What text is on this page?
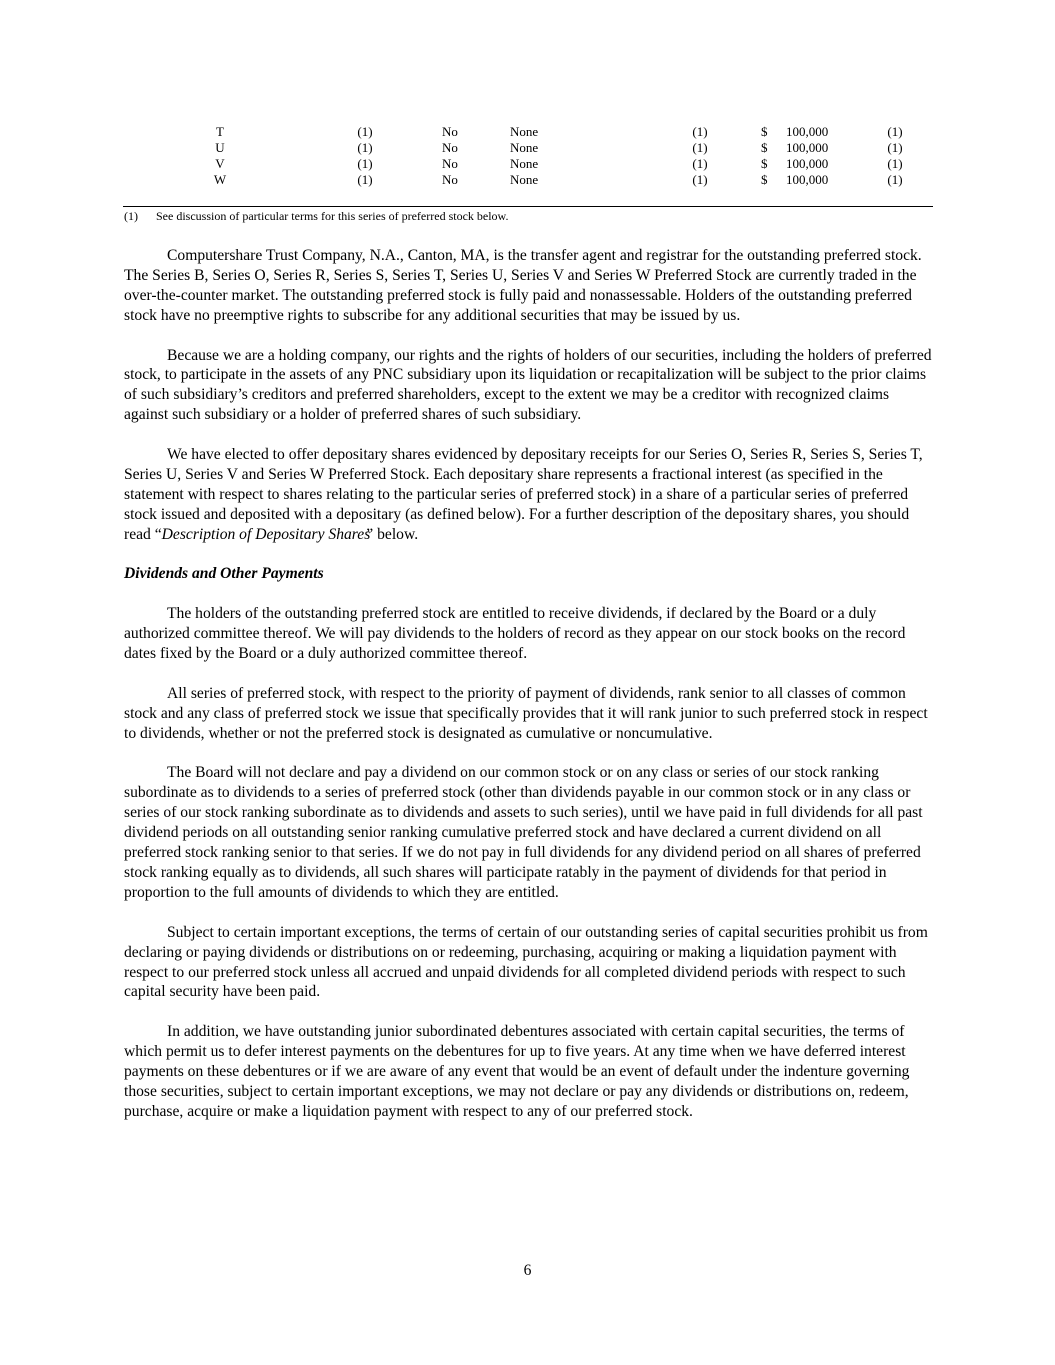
T	(1)	No	None	(1)	$ 100,000	(1)
U	(1)	No	None	(1)	$ 100,000	(1)
V	(1)	No	None	(1)	$ 100,000	(1)
W	(1)	No	None	(1)	$ 100,000	(1)
(1) See discussion of particular terms for this series of preferred stock below.

Computershare Trust Company, N.A., Canton, MA, is the transfer agent and registrar for the outstanding preferred stock. The Series B, Series O, Series R, Series S, Series T, Series U, Series V and Series W Preferred Stock are currently traded in the over-the-counter market. The outstanding preferred stock is fully paid and nonassessable. Holders of the outstanding preferred stock have no preemptive rights to subscribe for any additional securities that may be issued by us.

Because we are a holding company, our rights and the rights of holders of our securities, including the holders of preferred stock, to participate in the assets of any PNC subsidiary upon its liquidation or recapitalization will be subject to the prior claims of such subsidiary’s creditors and preferred shareholders, except to the extent we may be a creditor with recognized claims against such subsidiary or a holder of preferred shares of such subsidiary.

We have elected to offer depositary shares evidenced by depositary receipts for our Series O, Series R, Series S, Series T, Series U, Series V and Series W Preferred Stock. Each depositary share represents a fractional interest (as specified in the statement with respect to shares relating to the particular series of preferred stock) in a share of a particular series of preferred stock issued and deposited with a depositary (as defined below). For a further description of the depositary shares, you should read “Description of Depositary Shares” below.

Dividends and Other Payments

The holders of the outstanding preferred stock are entitled to receive dividends, if declared by the Board or a duly authorized committee thereof. We will pay dividends to the holders of record as they appear on our stock books on the record dates fixed by the Board or a duly authorized committee thereof.

All series of preferred stock, with respect to the priority of payment of dividends, rank senior to all classes of common stock and any class of preferred stock we issue that specifically provides that it will rank junior to such preferred stock in respect to dividends, whether or not the preferred stock is designated as cumulative or noncumulative.

The Board will not declare and pay a dividend on our common stock or on any class or series of our stock ranking subordinate as to dividends to a series of preferred stock (other than dividends payable in our common stock or in any class or series of our stock ranking subordinate as to dividends and assets to such series), until we have paid in full dividends for all past dividend periods on all outstanding senior ranking cumulative preferred stock and have declared a current dividend on all preferred stock ranking senior to that series. If we do not pay in full dividends for any dividend period on all shares of preferred stock ranking equally as to dividends, all such shares will participate ratably in the payment of dividends for that period in proportion to the full amounts of dividends to which they are entitled.

Subject to certain important exceptions, the terms of certain of our outstanding series of capital securities prohibit us from declaring or paying dividends or distributions on or redeeming, purchasing, acquiring or making a liquidation payment with respect to our preferred stock unless all accrued and unpaid dividends for all completed dividend periods with respect to such capital security have been paid.

In addition, we have outstanding junior subordinated debentures associated with certain capital securities, the terms of which permit us to defer interest payments on the debentures for up to five years. At any time when we have deferred interest payments on these debentures or if we are aware of any event that would be an event of default under the indenture governing those securities, subject to certain important exceptions, we may not declare or pay any dividends or distributions on, redeem, purchase, acquire or make a liquidation payment with respect to any of our preferred stock.

6
